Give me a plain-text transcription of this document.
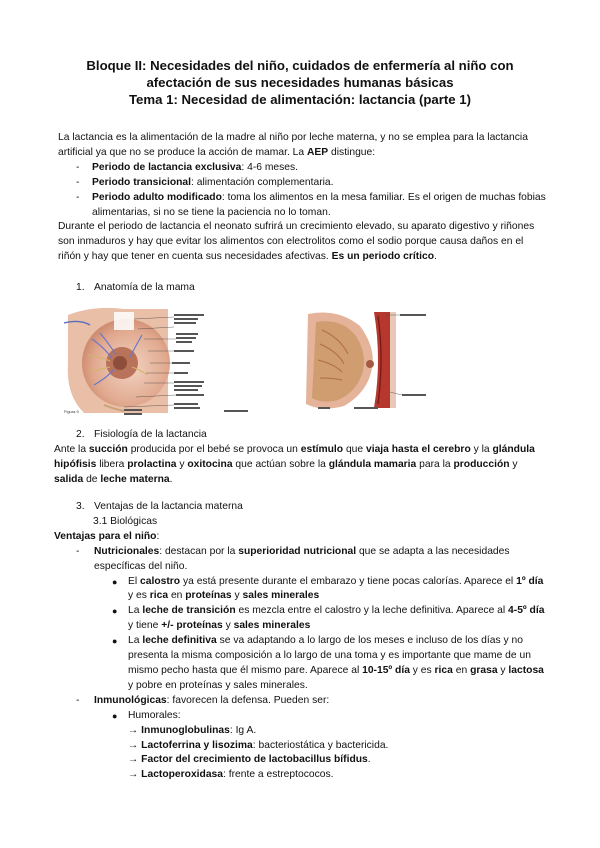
Bloque II: Necesidades del niño, cuidados de enfermería al niño con
afectación de sus necesidades humanas básicas
Tema 1: Necesidad de alimentación: lactancia (parte 1)

La lactancia es la alimentación de la madre al niño por leche materna, y no se emplea para la lactancia artificial ya que no se produce la acción de mamar. La AEP distingue:

- Periodo de lactancia exclusiva: 4-6 meses.

- Periodo transicional: alimentación complementaria.

- Periodo adulto modificado: toma los alimentos en la mesa familiar. Es el origen de muchas fobias alimentarias, si no se tiene la paciencia no lo toman.

Durante el periodo de lactancia el neonato sufrirá un crecimiento elevado, su aparato digestivo y riñones son inmaduros y hay que evitar los alimentos con electrolitos como el sodio porque causa daños en el riñón y hay que tener en cuenta sus necesidades afectivas. Es un periodo crítico.

1. Anatomía de la mama

Figura 5

2. Fisiología de la lactancia

Ante la succión producida por el bebé se provoca un estímulo que viaja hasta el cerebro y la glándula hipófisis libera prolactina y oxitocina que actúan sobre la glándula mamaria para la producción y salida de leche materna.

3. Ventajas de la lactancia materna

3.1 Biológicas

Ventajas para el niño:

- Nutricionales: destacan por la superioridad nutricional que se adapta a las necesidades específicas del niño.

● El calostro ya está presente durante el embarazo y tiene pocas calorías. Aparece el 1º día y es rica en proteínas y sales minerales

● La leche de transición es mezcla entre el calostro y la leche definitiva. Aparece al 4-5º día y tiene +/- proteínas y sales minerales

● La leche definitiva se va adaptando a lo largo de los meses e incluso de los días y no presenta la misma composición a lo largo de una toma y es importante que mame de un mismo pecho hasta que él mismo pare. Aparece al 10-15º día y es rica en grasa y lactosa y pobre en proteínas y sales minerales.

- Inmunológicas: favorecen la defensa. Pueden ser:

● Humorales:

→ Inmunoglobulinas: Ig A.

→ Lactoferrina y lisozima: bacteriostática y bactericida.

→ Factor del crecimiento de lactobacillus bífidus.

→ Lactoperoxidasa: frente a estreptococos.
